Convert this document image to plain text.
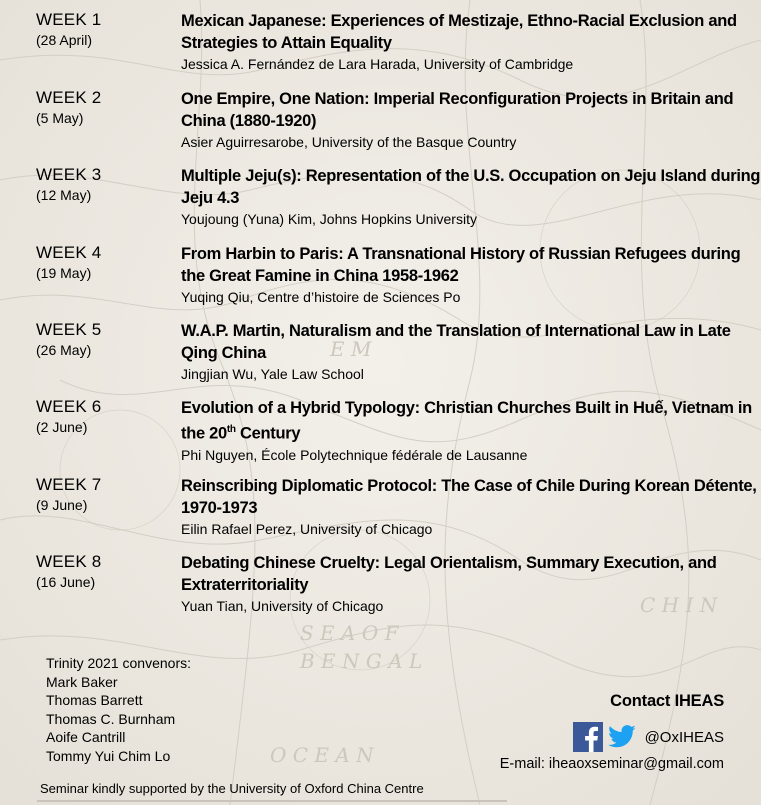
S E A O F
B E N G A L
O C E A N
C H I N
E M
WEEK 1
(28 April)
Mexican Japanese: Experiences of Mestizaje, Ethno-Racial Exclusion and Strategies to Attain Equality
Jessica A. Fernández de Lara Harada, University of Cambridge
WEEK 2
(5 May)
One Empire, One Nation: Imperial Reconfiguration Projects in Britain and China (1880-1920)
Asier Aguirresarobe, University of the Basque Country
WEEK 3
(12 May)
Multiple Jeju(s): Representation of the U.S. Occupation on Jeju Island during Jeju 4.3
Youjoung (Yuna) Kim, Johns Hopkins University
WEEK 4
(19 May)
From Harbin to Paris: A Transnational History of Russian Refugees during the Great Famine in China 1958-1962
Yuqing Qiu, Centre d’histoire de Sciences Po
WEEK 5
(26 May)
W.A.P. Martin, Naturalism and the Translation of International Law in Late Qing China
Jingjian Wu, Yale Law School
WEEK 6
(2 June)
Evolution of a Hybrid Typology: Christian Churches Built in Huế, Vietnam in the 20th Century
Phi Nguyen, École Polytechnique fédérale de Lausanne
WEEK 7
(9 June)
Reinscribing Diplomatic Protocol: The Case of Chile During Korean Détente, 1970-1973
Eilin Rafael Perez, University of Chicago
WEEK 8
(16 June)
Debating Chinese Cruelty: Legal Orientalism, Summary Execution, and Extraterritoriality
Yuan Tian, University of Chicago
Trinity 2021 convenors:
Mark Baker
Thomas Barrett
Thomas C. Burnham
Aoife Cantrill
Tommy Yui Chim Lo
Contact IHEAS
@OxIHEAS
E-mail: iheaoxseminar@gmail.com
Seminar kindly supported by the University of Oxford China Centre
